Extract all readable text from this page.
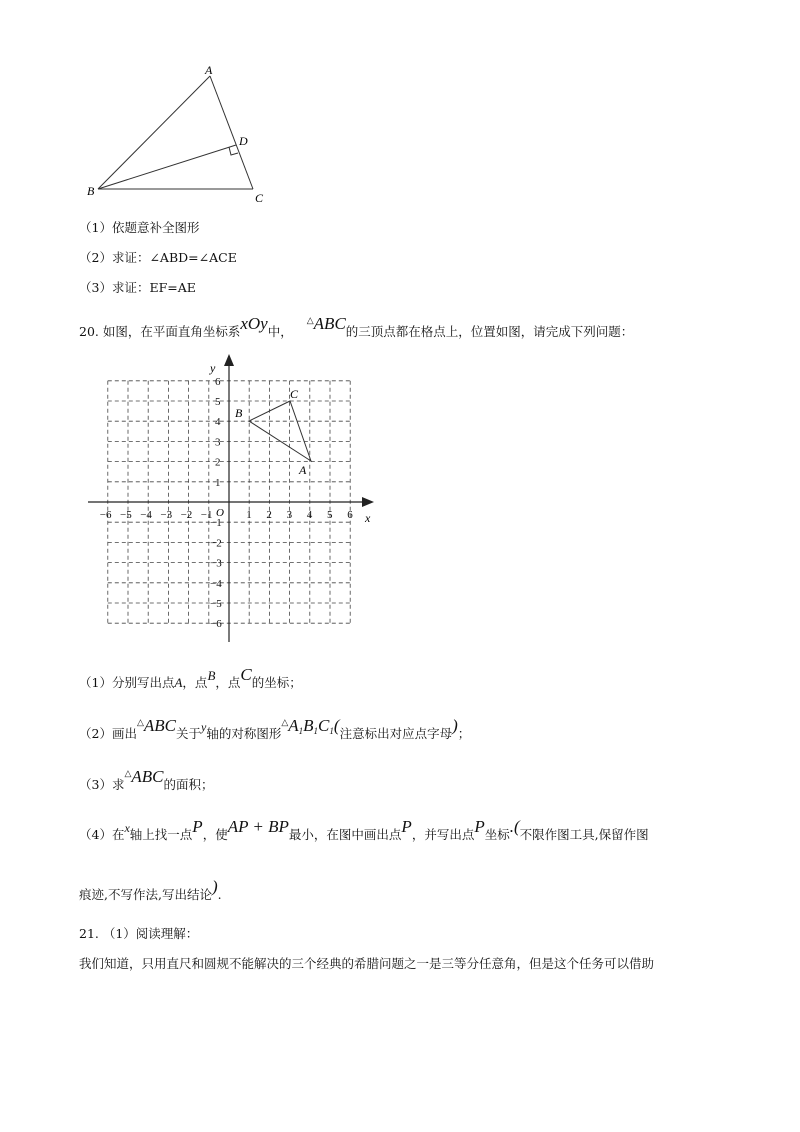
A
B	C
D
（1）依题意补全图形
（2）求证：∠ABD=∠ACE
（3）求证：EF=AE
20. 如图，在平面直角坐标系xOy中，△ABC的三顶点都在格点上，位置如图，请完成下列问题：
−6 −5 −4 −3 −2 −1	1 2 3 4 5 6
6
5
4
3
2
1
−1
−2
−3
−4
−5
−6
x
y
O
A
B
C
（1）分别写出点A，点B，点C的坐标；
（2）画出△ABC关于y轴的对称图形△A1B1C1(注意标出对应点字母)；
（3）求△ABC的面积；
（4）在x轴上找一点P，使AP + BP最小，在图中画出点P，并写出点P坐标.(不限作图工具,保留作图
痕迹,不写作法,写出结论).
21. （1）阅读理解：
我们知道，只用直尺和圆规不能解决的三个经典的希腊问题之一是三等分任意角，但是这个任务可以借助
